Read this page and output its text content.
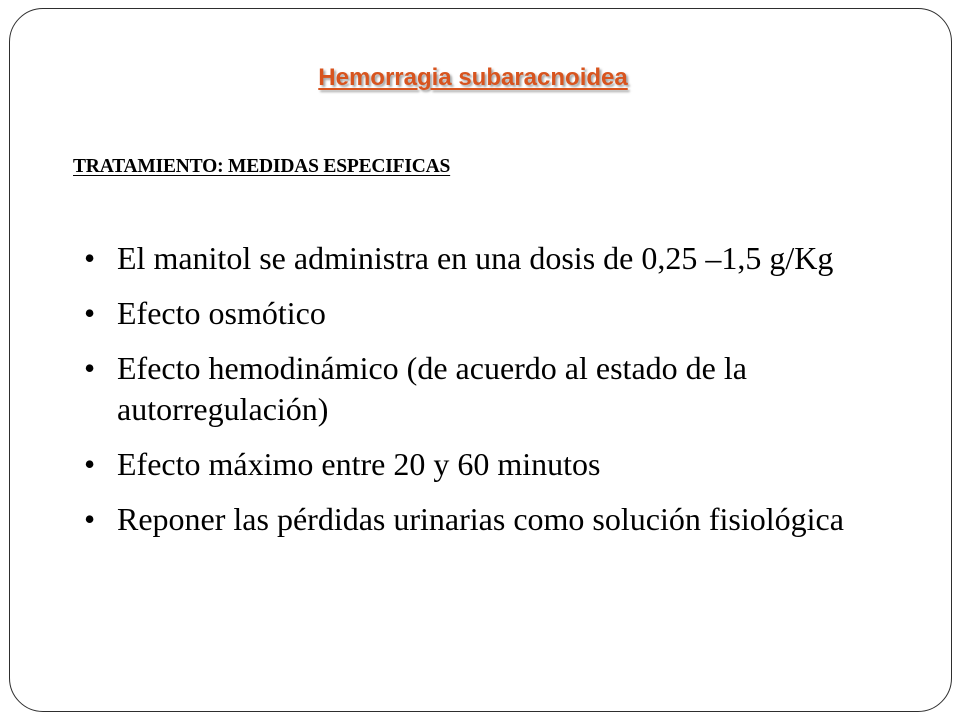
Hemorragia subaracnoidea
TRATAMIENTO: MEDIDAS ESPECIFICAS
• El manitol se administra en una dosis de 0,25 –1,5 g/Kg
• Efecto osmótico
• Efecto hemodinámico (de acuerdo al estado de la autorregulación)
• Efecto máximo entre 20 y 60 minutos
• Reponer las pérdidas urinarias como solución fisiológica
